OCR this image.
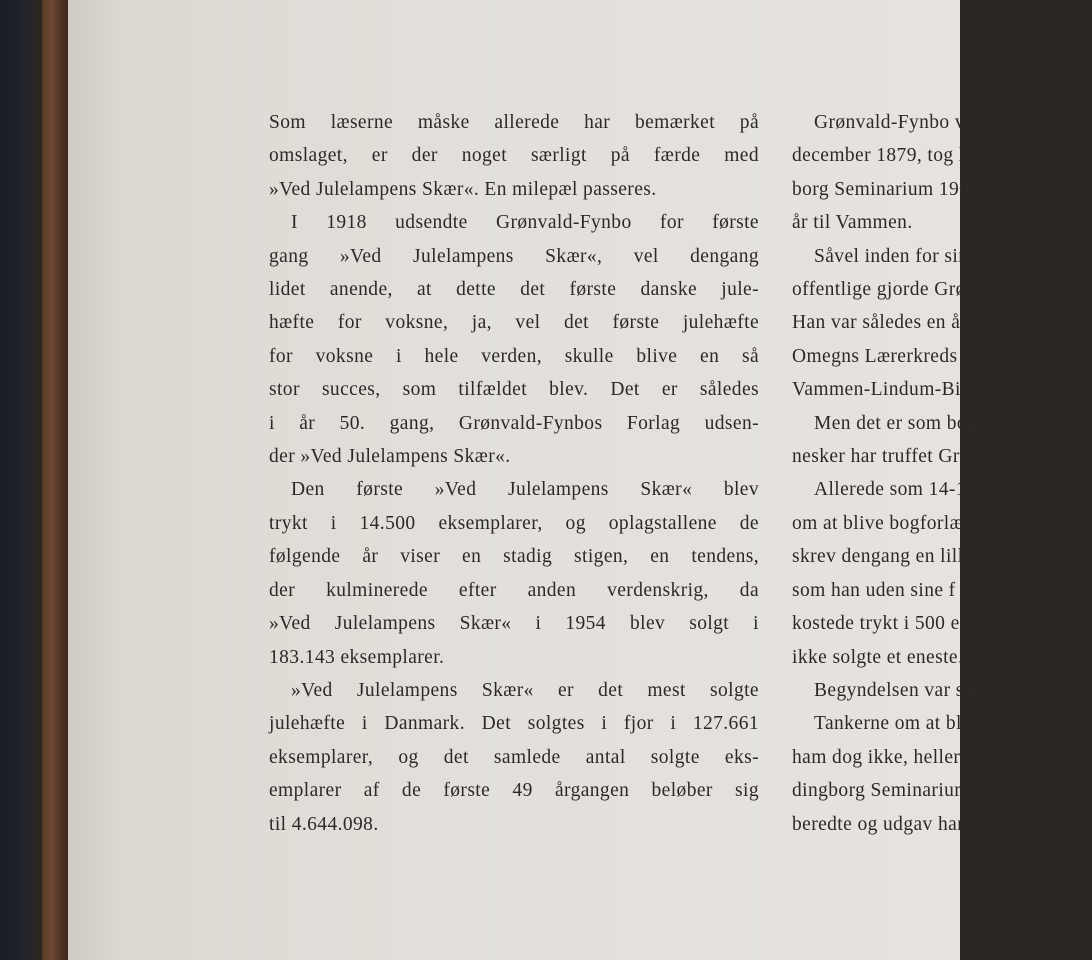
Som læserne måske allerede har bemærket på
omslaget, er der noget særligt på færde med
»Ved Julelampens Skær«. En milepæl passeres.
I 1918 udsendte Grønvald-Fynbo for første
gang »Ved Julelampens Skær«, vel dengang
lidet anende, at dette det første danske jule-
hæfte for voksne, ja, vel det første julehæfte
for voksne i hele verden, skulle blive en så
stor succes, som tilfældet blev. Det er således
i år 50. gang, Grønvald-Fynbos Forlag udsen-
der »Ved Julelampens Skær«.
Den første »Ved Julelampens Skær« blev
trykt i 14.500 eksemplarer, og oplagstallene de
følgende år viser en stadig stigen, en tendens,
der kulminerede efter anden verdenskrig, da
»Ved Julelampens Skær« i 1954 blev solgt i
183.143 eksemplarer.
»Ved Julelampens Skær« er det mest solgte
julehæfte i Danmark. Det solgtes i fjor i 127.661
eksemplarer, og det samlede antal solgte eks-
emplarer af de første 49 årgangen beløber sig
til 4.644.098.
Grønvald-Fynbo var
december 1879, tog lær
borg Seminarium 1900
år til Vammen.
Såvel inden for sin s
offentlige gjorde Grønv
Han var således en årra
Omegns Lærerkreds
Vammen-Lindum-Bigun
Men det er som bogf
nesker har truffet Grøn
Allerede som 14-15
om at blive bogforlæ
skrev dengang en lille
som han uden sine f
kostede trykt i 500 e
ikke solgte et eneste.
Begyndelsen var sål
Tankerne om at bl
ham dog ikke, heller i
dingborg Seminarium,
beredte og udgav han
